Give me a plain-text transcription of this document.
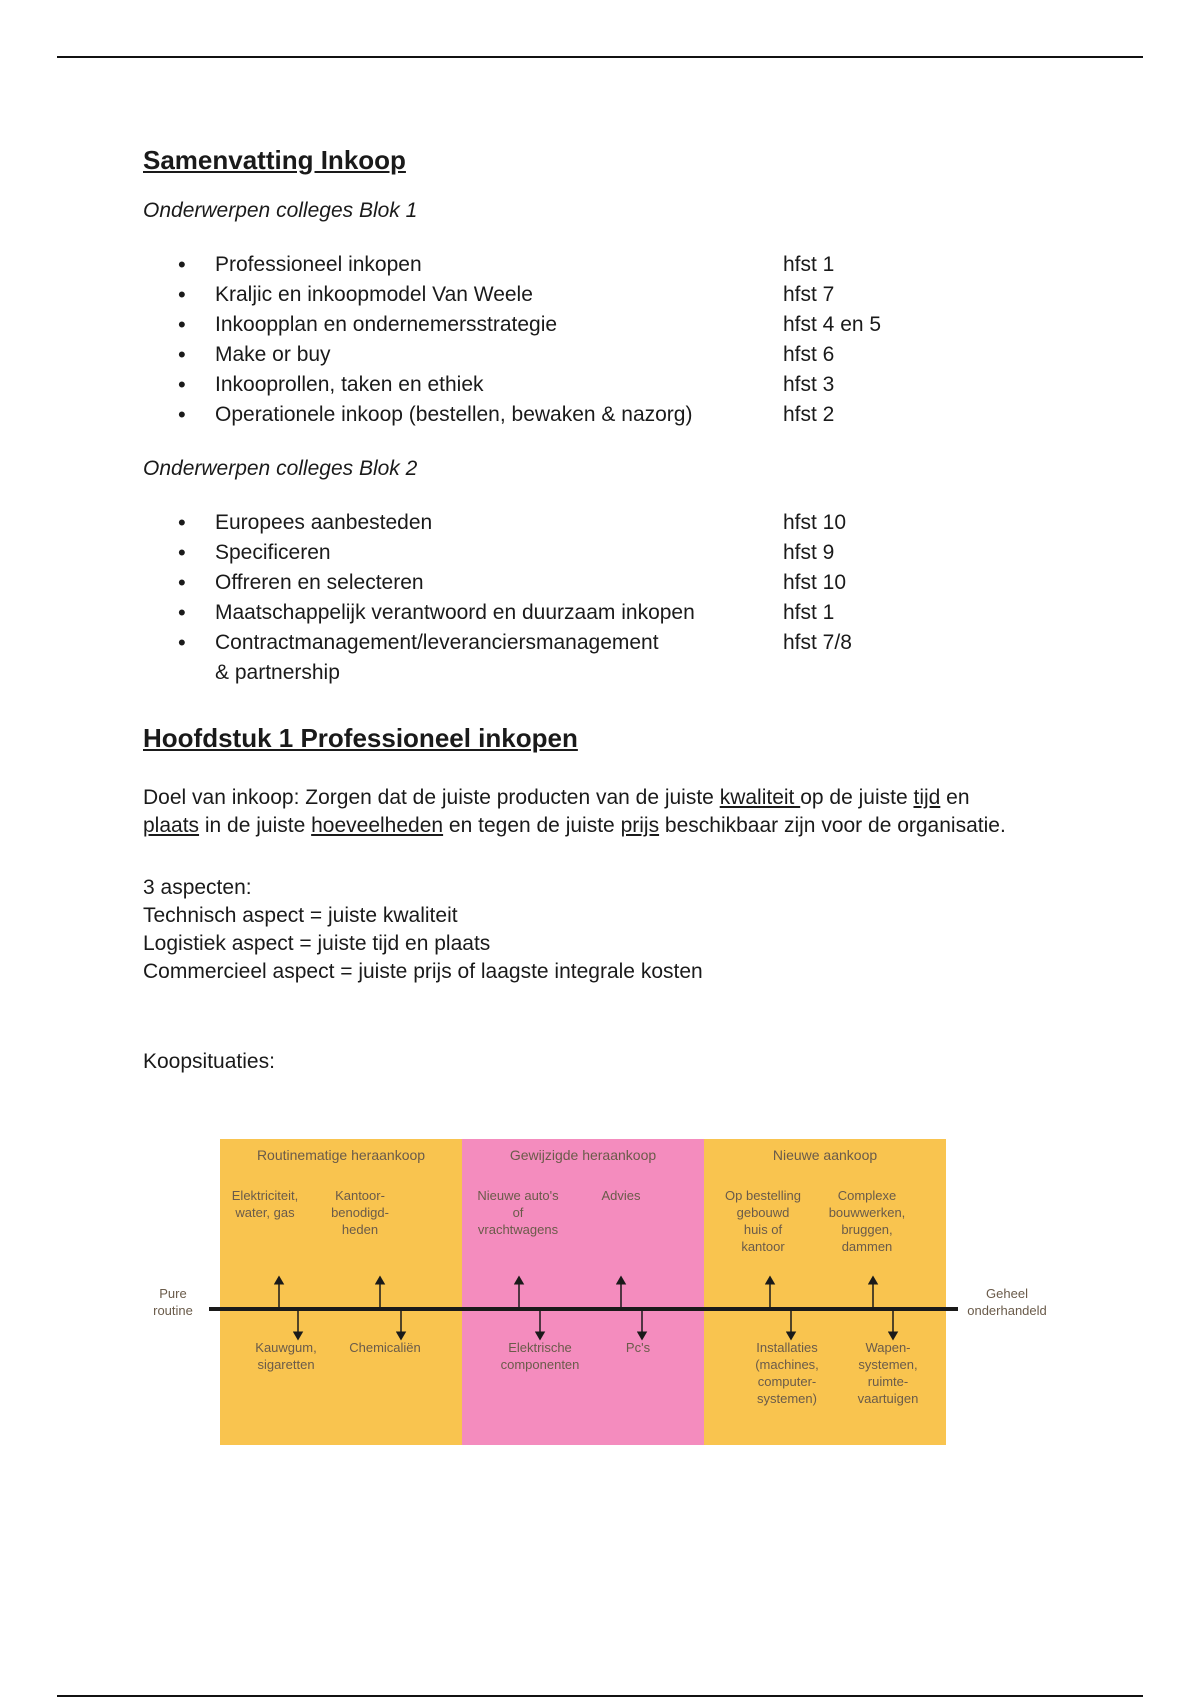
Samenvatting Inkoop
Onderwerpen colleges Blok 1
• Professioneel inkopen	hfst 1
• Kraljic en inkoopmodel Van Weele	hfst 7
• Inkoopplan en ondernemersstrategie	hfst 4 en 5
• Make or buy	hfst 6
• Inkooprollen, taken en ethiek	hfst 3
• Operationele inkoop (bestellen, bewaken & nazorg)	hfst 2
Onderwerpen colleges Blok 2
• Europees aanbesteden	hfst 10
• Specificeren	hfst 9
• Offreren en selecteren	hfst 10
• Maatschappelijk verantwoord en duurzaam inkopen	hfst 1
• Contractmanagement/leveranciersmanagement
& partnership
hfst 7/8
Hoofdstuk 1 Professioneel inkopen

Doel van inkoop: Zorgen dat de juiste producten van de juiste kwaliteit op de juiste tijd en
plaats in de juiste hoeveelheden en tegen de juiste prijs beschikbaar zijn voor de organisatie.

3 aspecten:

Technisch aspect = juiste kwaliteit

Logistiek aspect = juiste tijd en plaats

Commercieel aspect = juiste prijs of laagste integrale kosten

Koopsituaties:

Routinematige heraankoop	Gewijzigde heraankoop	Nieuwe aankoop
Elektriciteit,
water, gas
Kantoor-
benodigd-
heden
Nieuwe auto's
of
vrachtwagens
Advies	Op bestelling
gebouwd
huis of
kantoor
Complexe
bouwwerken,
bruggen,
dammen
Kauwgum,
sigaretten
Chemicaliën	Elektrische
componenten
Pc's	Installaties
(machines,
computer-
systemen)
Wapen-
systemen,
ruimte-
vaartuigen
Pure
routine
Geheel
onderhandeld
